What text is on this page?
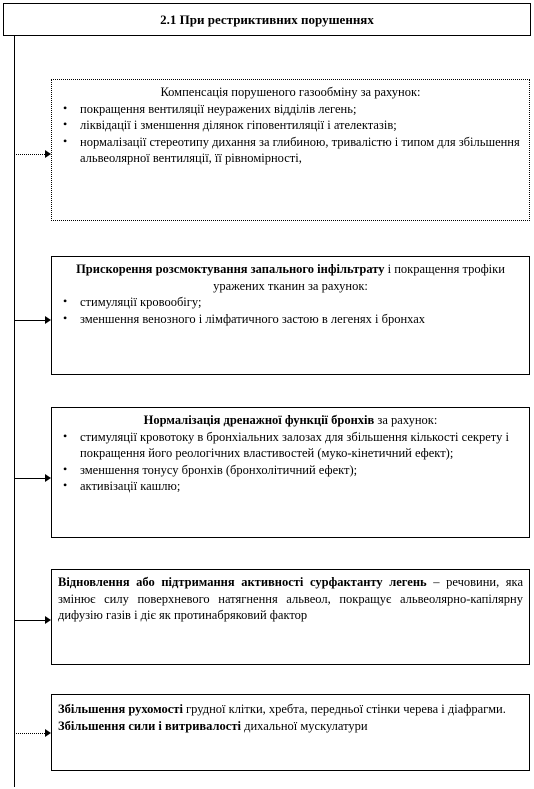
2.1 При рестриктивних порушеннях
Компенсація порушеного газообміну за рахунок:
• покращення вентиляції неуражених відділів легень;
• ліквідації і зменшення ділянок гіповентиляції і ателектазів;
• нормалізації стереотипу дихання за глибиною, тривалістю і типом для збільшення альвеолярної вентиляції, її рівномірності,
Прискорення розсмоктування запального інфільтрату і покращення трофіки уражених тканин за рахунок:
• стимуляції кровообігу;
• зменшення венозного і лімфатичного застою в легенях і бронхах
Нормалізація дренажної функції бронхів за рахунок:
• стимуляції кровотоку в бронхіальних залозах для збільшення кількості секрету і покращення його реологічних властивостей (муко-кінетичний ефект);
• зменшення тонусу бронхів (бронхолітичний ефект);
• активізації кашлю;
Відновлення або підтримання активності сурфактанту легень – речовини, яка змінює силу поверхневого натягнення альвеол, покращує альвеолярно-капілярну дифузію газів і діє як протинабряковий фактор
Збільшення рухомості грудної клітки, хребта, передньої стінки черева і діафрагми. Збільшення сили і витривалості дихальної мускулатури
